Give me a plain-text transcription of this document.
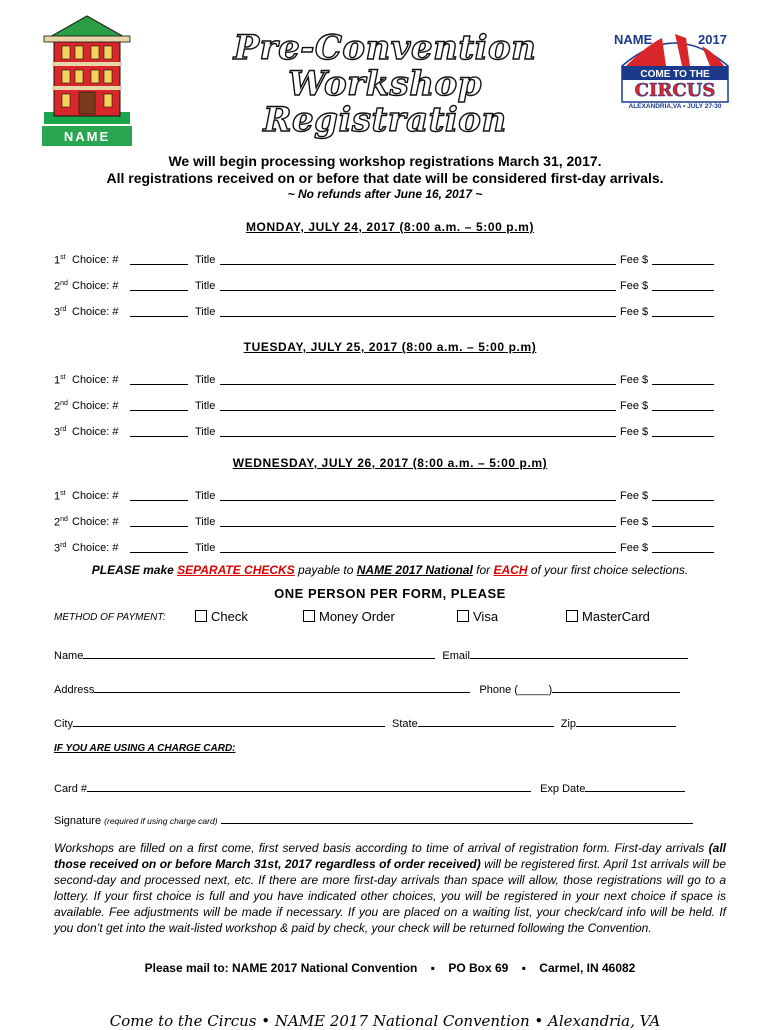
NAME
Pre-Convention
Workshop Registration
NAME	2017
COME TO THE
CIRCUS
ALEXANDRIA,VA • JULY 27-30
We will begin processing workshop registrations March 31, 2017.
All registrations received on or before that date will be considered first-day arrivals.
~ No refunds after June 16, 2017 ~
MONDAY, JULY 24, 2017 (8:00 a.m. – 5:00 p.m)
1st Choice: #	Title	Fee $
2nd Choice: #	Title	Fee $
3rd Choice: #	Title	Fee $
TUESDAY, JULY 25, 2017 (8:00 a.m. – 5:00 p.m)
1st Choice: #	Title	Fee $
2nd Choice: #	Title	Fee $
3rd Choice: #	Title	Fee $
WEDNESDAY, JULY 26, 2017 (8:00 a.m. – 5:00 p.m)
1st Choice: #	Title	Fee $
2nd Choice: #	Title	Fee $
3rd Choice: #	Title	Fee $
PLEASE make SEPARATE CHECKS payable to NAME 2017 National for EACH of your first choice selections.
ONE PERSON PER FORM, PLEASE
METHOD OF PAYMENT:	Check	Money Order	Visa	MasterCard
Name	Email
Address	Phone (_____)
City	State	Zip
IF YOU ARE USING A CHARGE CARD:
Card #	Exp Date
Signature (required if using charge card)
Workshops are filled on a first come, first served basis according to time of arrival of registration form. First-day arrivals (all those received on or before March 31st, 2017 regardless of order received) will be registered first. April 1st arrivals will be second-day and processed next, etc. If there are more first-day arrivals than space will allow, those registrations will go to a lottery. If your first choice is full and you have indicated other choices, you will be registered in your next choice if space is available. Fee adjustments will be made if necessary. If you are placed on a waiting list, your check/card info will be held. If you don’t get into the wait-listed workshop & paid by check, your check will be returned following the Convention.
Please mail to: NAME 2017 National Convention ▪ PO Box 69 ▪ Carmel, IN 46082
Come to the Circus • NAME 2017 National Convention • Alexandria, VA
